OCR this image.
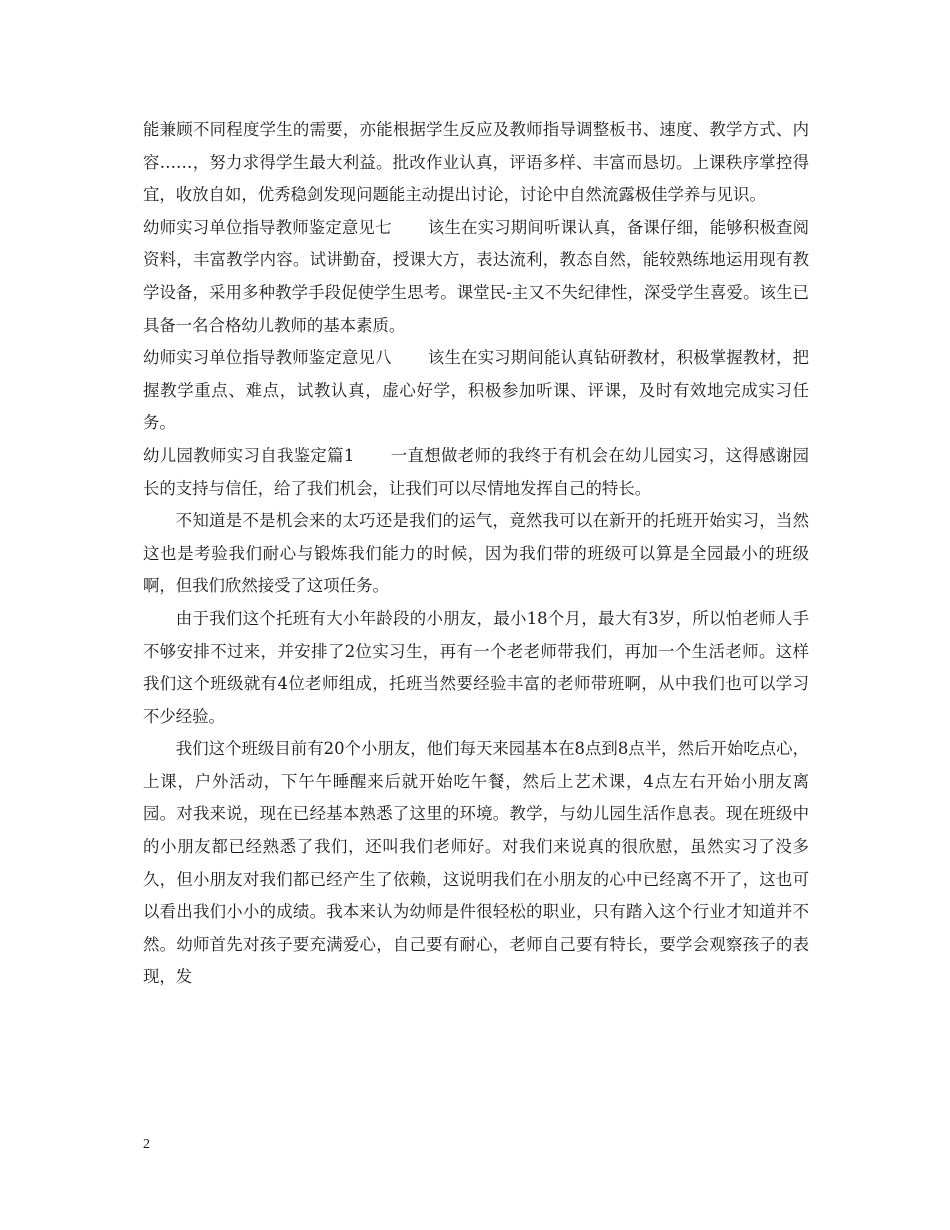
能兼顾不同程度学生的需要，亦能根据学生反应及教师指导调整板书、速度、教学方式、内容……，努力求得学生最大利益。批改作业认真，评语多样、丰富而恳切。上课秩序掌控得宜，收放自如，优秀稳剑发现问题能主动提出讨论，讨论中自然流露极佳学养与见识。

幼师实习单位指导教师鉴定意见七 该生在实习期间听课认真，备课仔细，能够积极查阅资料，丰富教学内容。试讲勤奋，授课大方，表达流利，教态自然，能较熟练地运用现有教学设备，采用多种教学手段促使学生思考。课堂民-主又不失纪律性，深受学生喜爱。该生已具备一名合格幼儿教师的基本素质。

幼师实习单位指导教师鉴定意见八 该生在实习期间能认真钻研教材，积极掌握教材，把握教学重点、难点，试教认真，虚心好学，积极参加听课、评课，及时有效地完成实习任务。

幼儿园教师实习自我鉴定篇1 一直想做老师的我终于有机会在幼儿园实习，这得感谢园长的支持与信任，给了我们机会，让我们可以尽情地发挥自己的特长。

不知道是不是机会来的太巧还是我们的运气，竟然我可以在新开的托班开始实习，当然这也是考验我们耐心与锻炼我们能力的时候，因为我们带的班级可以算是全园最小的班级啊，但我们欣然接受了这项任务。

由于我们这个托班有大小年龄段的小朋友，最小18个月，最大有3岁，所以怕老师人手不够安排不过来，并安排了2位实习生，再有一个老老师带我们，再加一个生活老师。这样我们这个班级就有4位老师组成，托班当然要经验丰富的老师带班啊，从中我们也可以学习不少经验。

我们这个班级目前有20个小朋友，他们每天来园基本在8点到8点半，然后开始吃点心，上课，户外活动，下午午睡醒来后就开始吃午餐，然后上艺术课，4点左右开始小朋友离园。对我来说，现在已经基本熟悉了这里的环境。教学，与幼儿园生活作息表。现在班级中的小朋友都已经熟悉了我们，还叫我们老师好。对我们来说真的很欣慰，虽然实习了没多久，但小朋友对我们都已经产生了依赖，这说明我们在小朋友的心中已经离不开了，这也可以看出我们小小的成绩。我本来认为幼师是件很轻松的职业，只有踏入这个行业才知道并不然。幼师首先对孩子要充满爱心，自己要有耐心，老师自己要有特长，要学会观察孩子的表现，发

2
